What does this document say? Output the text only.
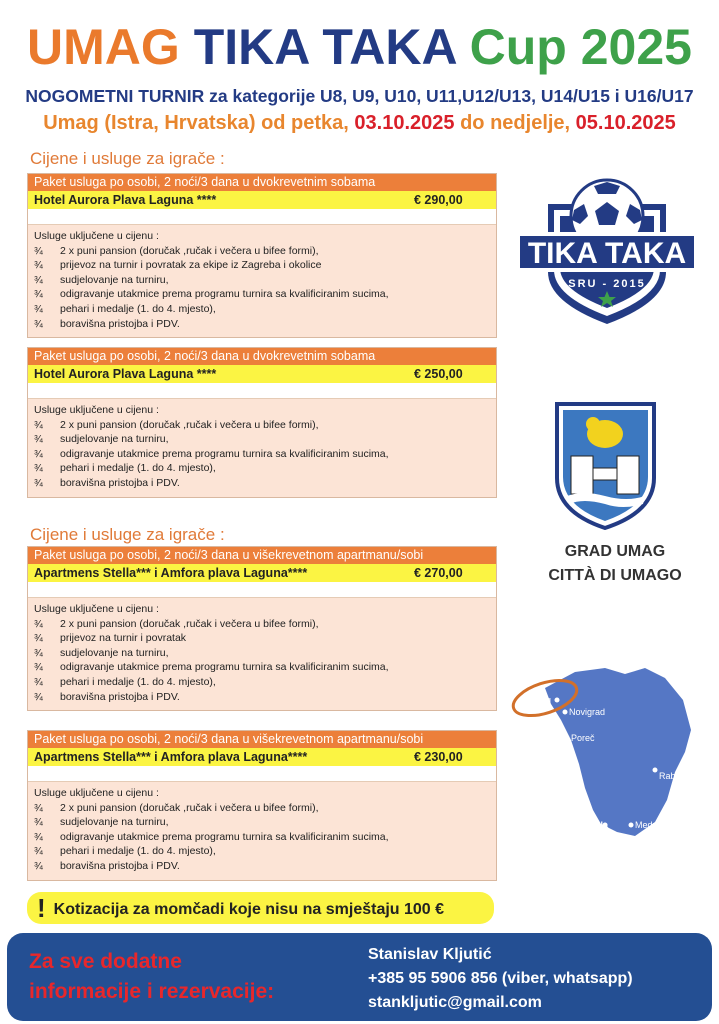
UMAG TIKA TAKA Cup 2025
NOGOMETNI TURNIR za kategorije U8, U9, U10, U11,U12/U13, U14/U15 i U16/U17
Umag (Istra, Hrvatska) od petka, 03.10.2025 do nedjelje, 05.10.2025
Cijene i usluge za igrače :
Cijene i usluge za igrače :
Paket usluga po osobi, 2 noći/3 dana u dvokrevetnim sobama
Hotel Aurora Plava Laguna ****	€ 290,00
Usluge uključene u cijenu :
¾ 2 x puni pansion (doručak ,ručak i večera u bifee formi),
¾ prijevoz na turnir i povratak za ekipe iz Zagreba i okolice
¾ sudjelovanje na turniru,
¾ odigravanje utakmice prema programu turnira sa kvalificiranim sucima,
¾ pehari i medalje (1. do 4. mjesto),
¾ boravišna pristojba i PDV.
Paket usluga po osobi, 2 noći/3 dana u dvokrevetnim sobama
Hotel Aurora Plava Laguna ****	€ 250,00
Usluge uključene u cijenu :
¾ 2 x puni pansion (doručak ,ručak i večera u bifee formi),
¾ sudjelovanje na turniru,
¾ odigravanje utakmice prema programu turnira sa kvalificiranim sucima,
¾ pehari i medalje (1. do 4. mjesto),
¾ boravišna pristojba i PDV.
Paket usluga po osobi, 2 noći/3 dana u višekrevetnom apartmanu/sobi
Apartmens Stella*** i Amfora plava Laguna****	€ 270,00
Usluge uključene u cijenu :
¾ 2 x puni pansion (doručak ,ručak i večera u bifee formi),
¾ prijevoz na turnir i povratak
¾ sudjelovanje na turniru,
¾ odigravanje utakmice prema programu turnira sa kvalificiranim sucima,
¾ pehari i medalje (1. do 4. mjesto),
¾ boravišna pristojba i PDV.
Paket usluga po osobi, 2 noći/3 dana u višekrevetnom apartmanu/sobi
Apartmens Stella*** i Amfora plava Laguna****	€ 230,00
Usluge uključene u cijenu :
¾ 2 x puni pansion (doručak ,ručak i večera u bifee formi),
¾ sudjelovanje na turniru,
¾ odigravanje utakmice prema programu turnira sa kvalificiranim sucima,
¾ pehari i medalje (1. do 4. mjesto),
¾ boravišna pristojba i PDV.
! Kotizacija za momčadi koje nisu na smještaju 100 €
TIKA TAKA
SRU - 2015
GRAD UMAG
CITTÀ DI UMAGO
Umag
Novigrad
Poreč
Rovinj	Rabac
Pula	Medulin
Za sve dodatne
informacije i rezervacije:
Stanislav Kljutić
+385 95 5906 856 (viber, whatsapp)
stankljutic@gmail.com
